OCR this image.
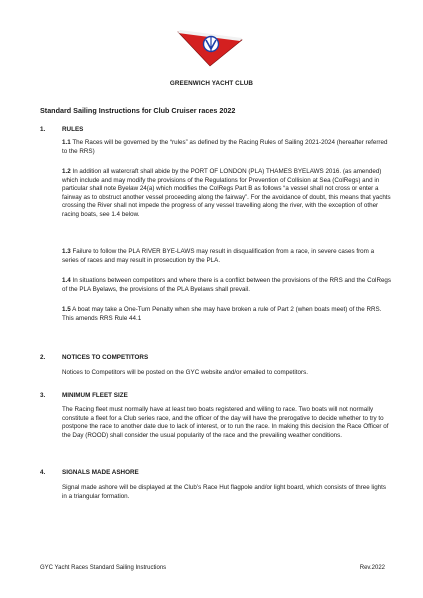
GREENWICH YACHT CLUB
Standard Sailing Instructions for Club Cruiser races 2022
1.	RULES
1.1 The Races will be governed by the “rules” as defined by the Racing Rules of Sailing 2021-2024 (hereafter referred to the RRS)
1.2 In addition all watercraft shall abide by the PORT OF LONDON (PLA) THAMES BYELAWS 2016. (as amended) which include and may modify the provisions of the Regulations for Prevention of Collision at Sea (ColRegs) and in particular shall note Byelaw 24(a) which modifies the ColRegs Part B as follows “a vessel shall not cross or enter a fairway as to obstruct another vessel proceeding along the fairway”. For the avoidance of doubt, this means that yachts crossing the River shall not impede the progress of any vessel travelling along the river, with the exception of other racing boats, see 1.4 below.
1.3 Failure to follow the PLA RIVER BYE-LAWS may result in disqualification from a race, in severe cases from a series of races and may result in prosecution by the PLA.
1.4 In situations between competitors and where there is a conflict between the provisions of the RRS and the ColRegs of the PLA Byelaws, the provisions of the PLA Byelaws shall prevail.
1.5 A boat may take a One-Turn Penalty when she may have broken a rule of Part 2 (when boats meet) of the RRS. This amends RRS Rule 44.1
2.	NOTICES TO COMPETITORS
Notices to Competitors will be posted on the GYC website and/or emailed to competitors.
3.	MINIMUM FLEET SIZE
The Racing fleet must normally have at least two boats registered and willing to race. Two boats will not normally constitute a fleet for a Club series race, and the officer of the day will have the prerogative to decide whether to try to postpone the race to another date due to lack of interest, or to run the race. In making this decision the Race Officer of the Day (ROOD) shall consider the usual popularity of the race and the prevailing weather conditions.
4.	SIGNALS MADE ASHORE
Signal made ashore will be displayed at the Club’s Race Hut flagpole and/or light board, which consists of three lights in a triangular formation.
GYC Yacht Races Standard Sailing Instructions	Rev.2022
